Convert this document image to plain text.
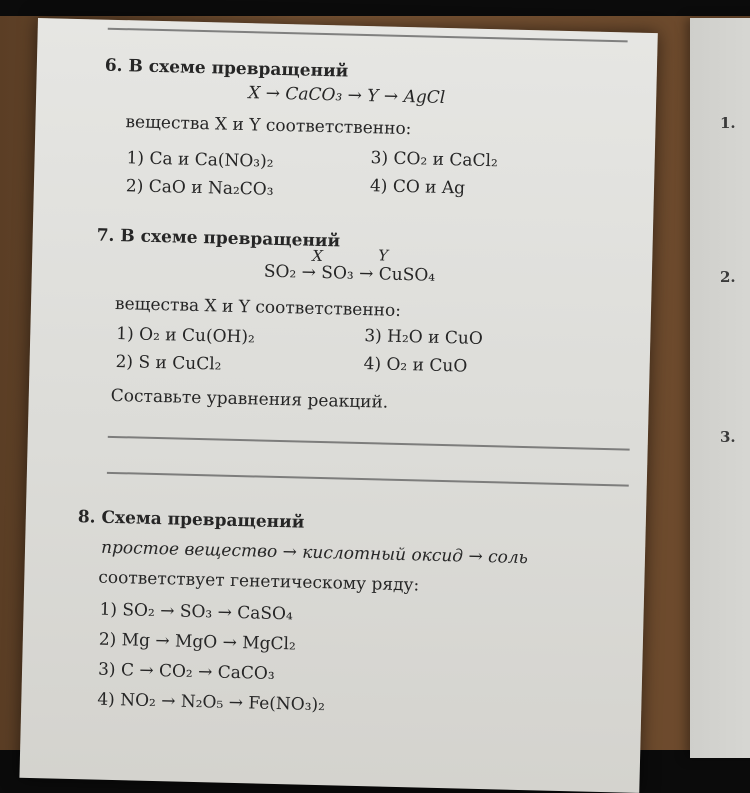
1.
2.
3.
6. В схеме превращений
X → CaCO₃ → Y → AgCl
вещества X и Y соответственно:
1) Ca и Ca(NO₃)₂
2) CaO и Na₂CO₃
3) CO₂ и CaCl₂
4) CO и Ag
7. В схеме превращений
X	Y
SO₂ → SO₃ → CuSO₄
вещества X и Y соответственно:
1) O₂ и Cu(OH)₂
2) S и CuCl₂
3) H₂O и CuO
4) O₂ и CuO
Составьте уравнения реакций.
8. Схема превращений
простое вещество → кислотный оксид → соль
соответствует генетическому ряду:
1) SO₂ → SO₃ → CaSO₄
2) Mg → MgO → MgCl₂
3) C → CO₂ → CaCO₃
4) NO₂ → N₂O₅ → Fe(NO₃)₂
